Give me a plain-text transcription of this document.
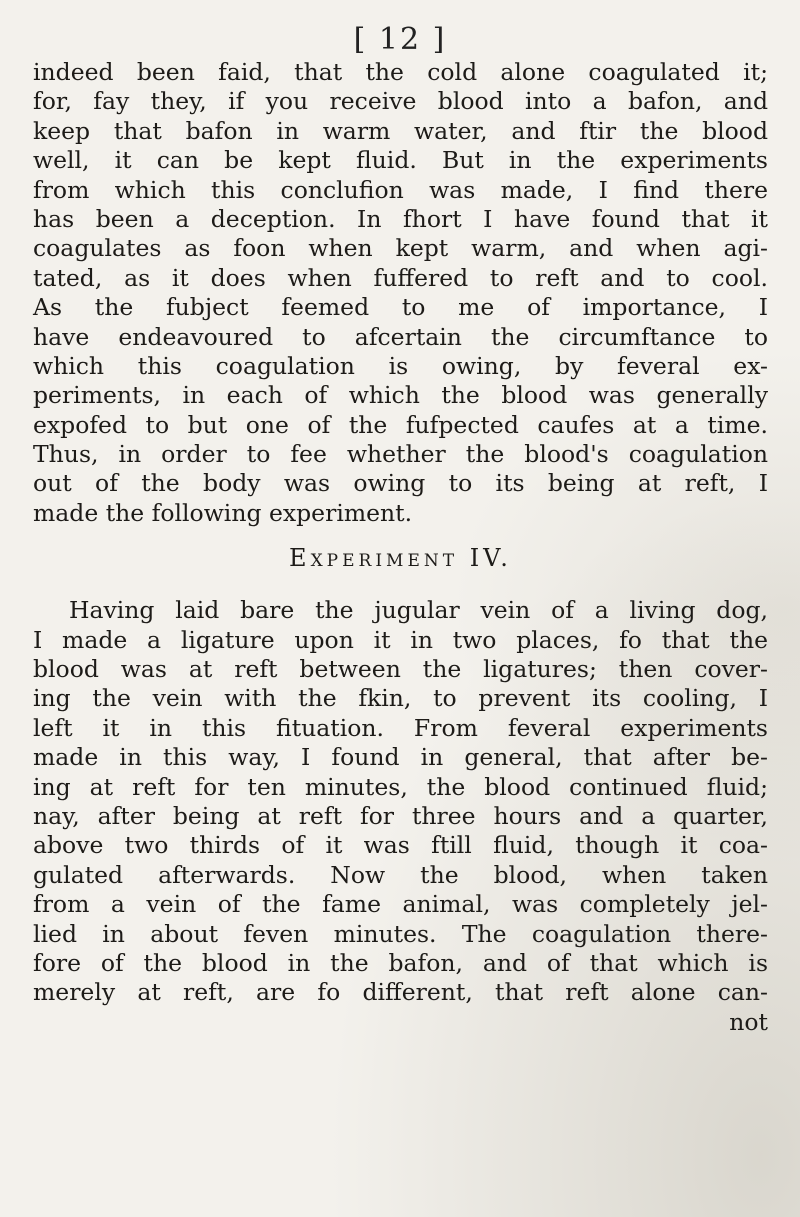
[ 12 ]
indeed been faid, that the cold alone coagulated it;
for, fay they, if you receive blood into a bafon, and
keep that bafon in warm water, and ftir the blood
well, it can be kept fluid. But in the experiments
from which this conclufion was made, I find there
has been a deception. In fhort I have found that it
coagulates as foon when kept warm, and when agi-
tated, as it does when fuffered to reft and to cool.
As the fubject feemed to me of importance, I
have endeavoured to afcertain the circumftance to
which this coagulation is owing, by feveral ex-
periments, in each of which the blood was generally
expofed to but one of the fufpected caufes at a time.
Thus, in order to fee whether the blood's coagulation
out of the body was owing to its being at reft, I
made the following experiment.
Experiment IV.
Having laid bare the jugular vein of a living dog,
I made a ligature upon it in two places, fo that the
blood was at reft between the ligatures; then cover-
ing the vein with the fkin, to prevent its cooling, I
left it in this fituation. From feveral experiments
made in this way, I found in general, that after be-
ing at reft for ten minutes, the blood continued fluid;
nay, after being at reft for three hours and a quarter,
above two thirds of it was ftill fluid, though it coa-
gulated afterwards. Now the blood, when taken
from a vein of the fame animal, was completely jel-
lied in about feven minutes. The coagulation there-
fore of the blood in the bafon, and of that which is
merely at reft, are fo different, that reft alone can-
not
